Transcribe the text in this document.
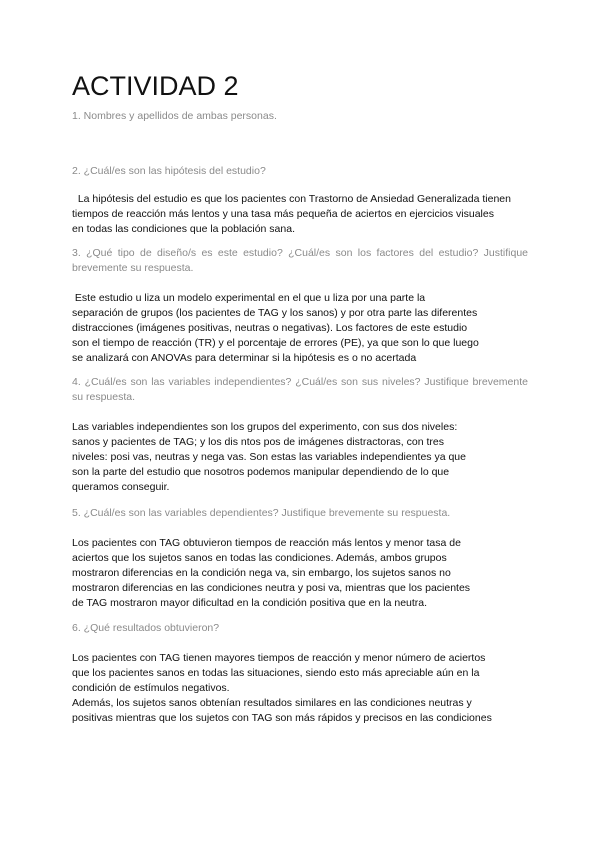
ACTIVIDAD 2

1. Nombres y apellidos de ambas personas.

2. ¿Cuál/es son las hipótesis del estudio?

La hipótesis del estudio es que los pacientes con Trastorno de Ansiedad Generalizada tienen
tiempos de reacción más lentos y una tasa más pequeña de aciertos en ejercicios visuales
en todas las condiciones que la población sana.

3. ¿Qué tipo de diseño/s es este estudio? ¿Cuál/es son los factores del estudio? Justifique brevemente su respuesta.

Este estudio u liza un modelo experimental en el que u liza por una parte la
separación de grupos (los pacientes de TAG y los sanos) y por otra parte las diferentes
distracciones (imágenes positivas, neutras o negativas). Los factores de este estudio
son el tiempo de reacción (TR) y el porcentaje de errores (PE), ya que son lo que luego
se analizará con ANOVAs para determinar si la hipótesis es o no acertada

4. ¿Cuál/es son las variables independientes? ¿Cuál/es son sus niveles? Justifique brevemente su respuesta.

Las variables independientes son los grupos del experimento, con sus dos niveles:
sanos y pacientes de TAG; y los dis ntos pos de imágenes distractoras, con tres
niveles: posi vas, neutras y nega vas. Son estas las variables independientes ya que
son la parte del estudio que nosotros podemos manipular dependiendo de lo que
queramos conseguir.

5. ¿Cuál/es son las variables dependientes? Justifique brevemente su respuesta.

Los pacientes con TAG obtuvieron tiempos de reacción más lentos y menor tasa de
aciertos que los sujetos sanos en todas las condiciones. Además, ambos grupos
mostraron diferencias en la condición nega va, sin embargo, los sujetos sanos no
mostraron diferencias en las condiciones neutra y posi va, mientras que los pacientes
de TAG mostraron mayor dificultad en la condición positiva que en la neutra.

6. ¿Qué resultados obtuvieron?

Los pacientes con TAG tienen mayores tiempos de reacción y menor número de aciertos
que los pacientes sanos en todas las situaciones, siendo esto más apreciable aún en la
condición de estímulos negativos.
Además, los sujetos sanos obtenían resultados similares en las condiciones neutras y
positivas mientras que los sujetos con TAG son más rápidos y precisos en las condiciones
